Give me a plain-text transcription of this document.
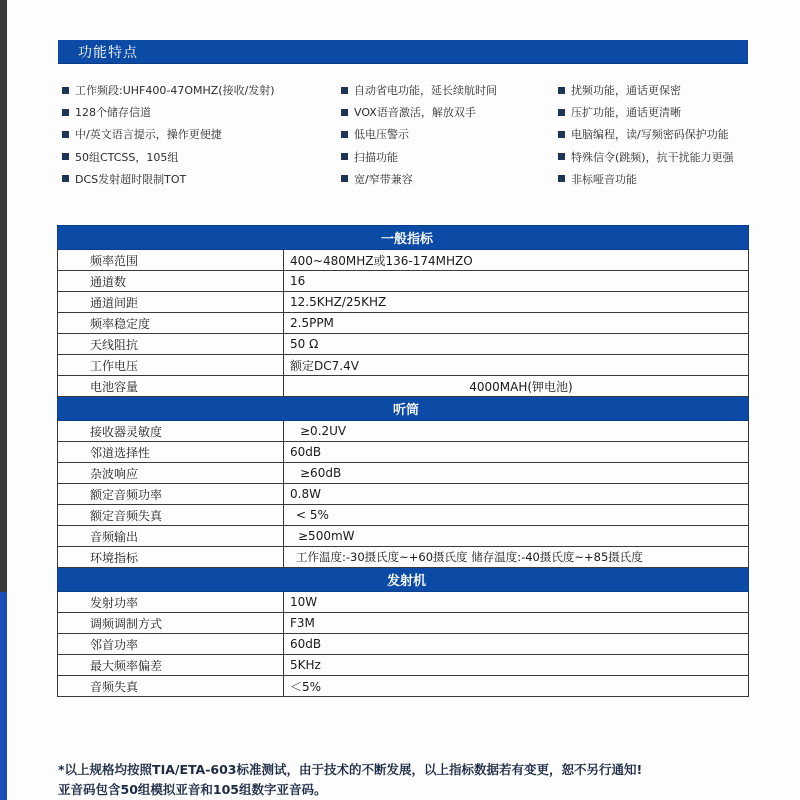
功能特点
工作频段:UHF400-47OMHZ(接收/发射)
128个储存信道
中/英文语言提示，操作更便捷
50组CTCSS，105组
DCS发射超时限制TOT
自动省电功能，延长续航时间
VOX语音激活，解放双手
低电压警示
扫描功能
宽/窄带兼容
扰频功能，通话更保密
压扩功能，通话更清晰
电脑编程，读/写频密码保护功能
特殊信令(跳频)，抗干扰能力更强
非标哑音功能
一般指标	
频率范围	400~480MHZ或136-174MHZO
通道数	16
通道间距	12.5KHZ/25KHZ
频率稳定度	2.5PPM
天线阻抗	50 Ω
工作电压	额定DC7.4V
电池容量	4000MAH(钾电池)
听筒	
接收器灵敏度	≥0.2UV
邻道选择性	60dB
杂波响应	≥60dB
额定音频功率	0.8W
额定音频失真	< 5%
音频输出	≥500mW
环境指标	工作温度:-30摄氏度~+60摄氏度 储存温度:-40摄氏度~+85摄氏度
发射机	
发射功率	10W
调频调制方式	F3M
邻首功率	60dB
最大频率偏差	5KHz
音频失真	＜5%
*以上规格均按照TIA/ETA-603标准测试，由于技术的不断发展，以上指标数据若有变更，恕不另行通知!
亚音码包含50组模拟亚音和105组数字亚音码。
